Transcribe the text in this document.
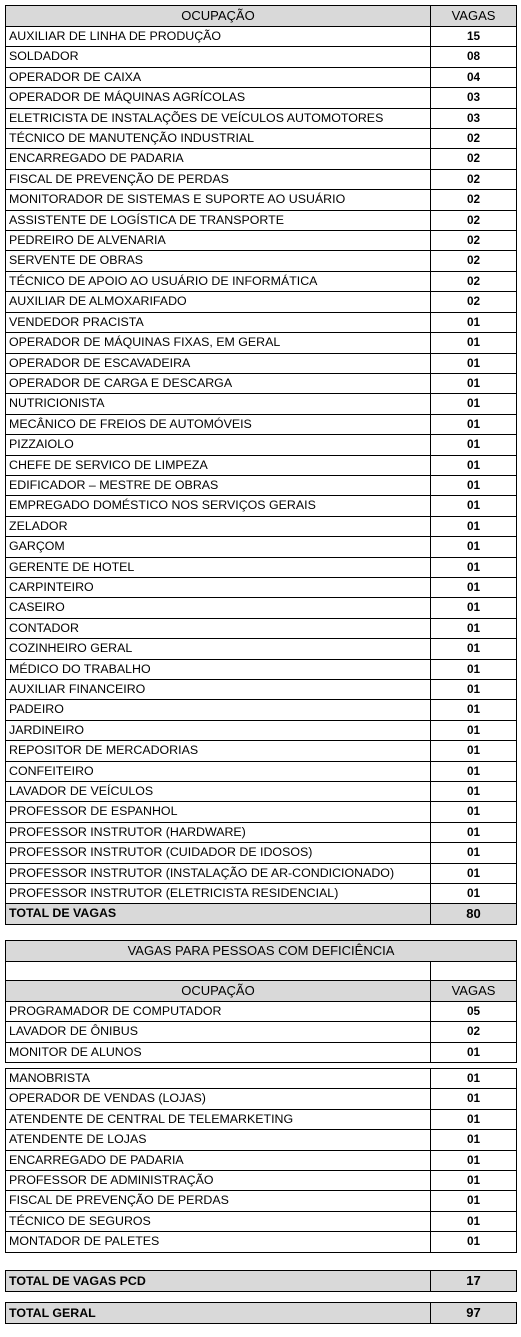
OCUPAÇÃO	VAGAS
AUXILIAR DE LINHA DE PRODUÇÃO	15
SOLDADOR	08
OPERADOR DE CAIXA	04
OPERADOR DE MÁQUINAS AGRÍCOLAS	03
ELETRICISTA DE INSTALAÇÕES DE VEÍCULOS AUTOMOTORES	03
TÉCNICO DE MANUTENÇÃO INDUSTRIAL	02
ENCARREGADO DE PADARIA	02
FISCAL DE PREVENÇÃO DE PERDAS	02
MONITORADOR DE SISTEMAS E SUPORTE AO USUÁRIO	02
ASSISTENTE DE LOGÍSTICA DE TRANSPORTE	02
PEDREIRO DE ALVENARIA	02
SERVENTE DE OBRAS	02
TÉCNICO DE APOIO AO USUÁRIO DE INFORMÁTICA	02
AUXILIAR DE ALMOXARIFADO	02
VENDEDOR PRACISTA	01
OPERADOR DE MÁQUINAS FIXAS, EM GERAL	01
OPERADOR DE ESCAVADEIRA	01
OPERADOR DE CARGA E DESCARGA	01
NUTRICIONISTA	01
MECÂNICO DE FREIOS DE AUTOMÓVEIS	01
PIZZAIOLO	01
CHEFE DE SERVICO DE LIMPEZA	01
EDIFICADOR – MESTRE DE OBRAS	01
EMPREGADO DOMÉSTICO NOS SERVIÇOS GERAIS	01
ZELADOR	01
GARÇOM	01
GERENTE DE HOTEL	01
CARPINTEIRO	01
CASEIRO	01
CONTADOR	01
COZINHEIRO GERAL	01
MÉDICO DO TRABALHO	01
AUXILIAR FINANCEIRO	01
PADEIRO	01
JARDINEIRO	01
REPOSITOR DE MERCADORIAS	01
CONFEITEIRO	01
LAVADOR DE VEÍCULOS	01
PROFESSOR DE ESPANHOL	01
PROFESSOR INSTRUTOR (HARDWARE)	01
PROFESSOR INSTRUTOR (CUIDADOR DE IDOSOS)	01
PROFESSOR INSTRUTOR (INSTALAÇÃO DE AR-CONDICIONADO)	01
PROFESSOR INSTRUTOR (ELETRICISTA RESIDENCIAL)	01
TOTAL DE VAGAS	80
VAGAS PARA PESSOAS COM DEFICIÊNCIA	

OCUPAÇÃO	VAGAS
PROGRAMADOR DE COMPUTADOR	05
LAVADOR DE ÔNIBUS	02
MONITOR DE ALUNOS	01
MANOBRISTA	01
OPERADOR DE VENDAS (LOJAS)	01
ATENDENTE DE CENTRAL DE TELEMARKETING	01
ATENDENTE DE LOJAS	01
ENCARREGADO DE PADARIA	01
PROFESSOR DE ADMINISTRAÇÃO	01
FISCAL DE PREVENÇÃO DE PERDAS	01
TÉCNICO DE SEGUROS	01
MONTADOR DE PALETES	01
TOTAL DE VAGAS PCD	17
TOTAL GERAL	97
